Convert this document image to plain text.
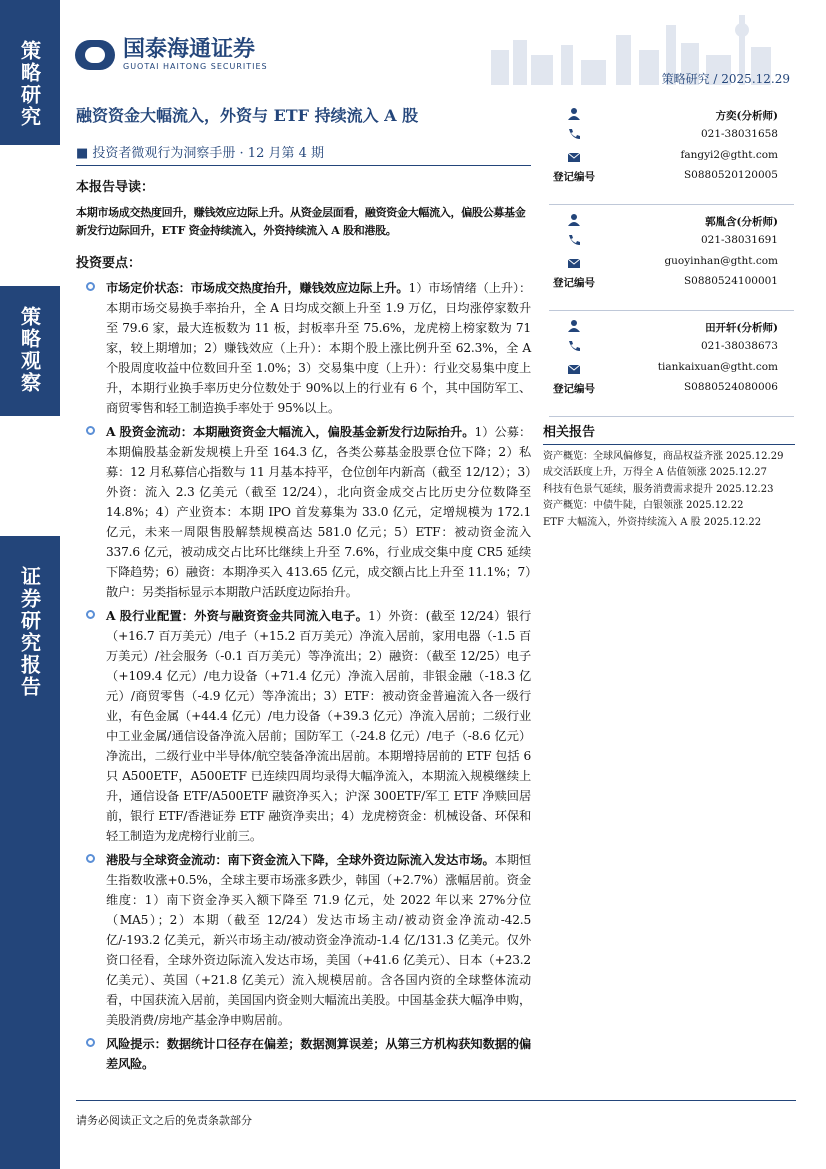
策略研究
策略观察
证券研究报告
国泰海通证券
GUOTAI HAITONG SECURITIES
策略研究 / 2025.12.29
融资资金大幅流入，外资与 ETF 持续流入 A 股
■ 投资者微观行为洞察手册 · 12 月第 4 期
本报告导读：
本期市场成交热度回升，赚钱效应边际上升。从资金层面看，融资资金大幅流入，偏股公募基金新发行边际回升，ETF 资金持续流入，外资持续流入 A 股和港股。
投资要点：
市场定价状态：市场成交热度抬升，赚钱效应边际上升。1）市场情绪（上升）：本期市场交易换手率抬升，全 A 日均成交额上升至 1.9 万亿，日均涨停家数升至 79.6 家，最大连板数为 11 板，封板率升至 75.6%，龙虎榜上榜家数为 71 家，较上期增加；2）赚钱效应（上升）：本期个股上涨比例升至 62.3%，全 A 个股周度收益中位数回升至 1.0%；3）交易集中度（上升）：行业交易集中度上升，本期行业换手率历史分位数处于 90%以上的行业有 6 个，其中国防军工、商贸零售和轻工制造换手率处于 95%以上。
A 股资金流动：本期融资资金大幅流入，偏股基金新发行边际抬升。1）公募：本期偏股基金新发规模上升至 164.3 亿，各类公募基金股票仓位下降；2）私募：12 月私募信心指数与 11 月基本持平，仓位创年内新高（截至 12/12）；3）外资：流入 2.3 亿美元（截至 12/24），北向资金成交占比历史分位数降至 14.8%；4）产业资本：本期 IPO 首发募集为 33.0 亿元，定增规模为 172.1 亿元，未来一周限售股解禁规模高达 581.0 亿元；5）ETF：被动资金流入 337.6 亿元，被动成交占比环比继续上升至 7.6%，行业成交集中度 CR5 延续下降趋势；6）融资：本期净买入 413.65 亿元，成交额占比上升至 11.1%；7）散户：另类指标显示本期散户活跃度边际抬升。
A 股行业配置：外资与融资资金共同流入电子。1）外资：(截至 12/24）银行（+16.7 百万美元）/电子（+15.2 百万美元）净流入居前，家用电器（-1.5 百万美元）/社会服务（-0.1 百万美元）等净流出；2）融资：（截至 12/25）电子（+109.4 亿元）/电力设备（+71.4 亿元）净流入居前，非银金融（-18.3 亿元）/商贸零售（-4.9 亿元）等净流出；3）ETF：被动资金普遍流入各一级行业，有色金属（+44.4 亿元）/电力设备（+39.3 亿元）净流入居前；二级行业中工业金属/通信设备净流入居前；国防军工（-24.8 亿元）/电子（-8.6 亿元）净流出，二级行业中半导体/航空装备净流出居前。本期增持居前的 ETF 包括 6 只 A500ETF，A500ETF 已连续四周均录得大幅净流入，本期流入规模继续上升，通信设备 ETF/A500ETF 融资净买入；沪深 300ETF/军工 ETF 净赎回居前，银行 ETF/香港证券 ETF 融资净卖出；4）龙虎榜资金：机械设备、环保和轻工制造为龙虎榜行业前三。
港股与全球资金流动：南下资金流入下降，全球外资边际流入发达市场。本期恒生指数收涨+0.5%，全球主要市场涨多跌少，韩国（+2.7%）涨幅居前。资金维度：1）南下资金净买入额下降至 71.9 亿元，处 2022 年以来 27%分位（MA5）；2）本期（截至 12/24）发达市场主动/被动资金净流动-42.5 亿/-193.2 亿美元，新兴市场主动/被动资金净流动-1.4 亿/131.3 亿美元。仅外资口径看，全球外资边际流入发达市场，美国（+41.6 亿美元）、日本（+23.2 亿美元）、英国（+21.8 亿美元）流入规模居前。含各国内资的全球整体流动看，中国获流入居前，美国国内资金则大幅流出美股。中国基金获大幅净申购，美股消费/房地产基金净申购居前。
风险提示：数据统计口径存在偏差；数据测算误差；从第三方机构获知数据的偏差风险。
方奕(分析师)
021-38031658
fangyi2@gtht.com
登记编号	S0880520120005
郭胤含(分析师)
021-38031691
guoyinhan@gtht.com
登记编号	S0880524100001
田开轩(分析师)
021-38038673
tiankaixuan@gtht.com
登记编号	S0880524080006
相关报告
资产概览：全球风偏修复，商品权益齐涨 2025.12.29
成交活跃度上升，万得全 A 估值领涨 2025.12.27
科技有色景气延续，服务消费需求提升 2025.12.23
资产概览：中债牛陡，白银领涨 2025.12.22
ETF 大幅流入，外资持续流入 A 股 2025.12.22
请务必阅读正文之后的免责条款部分
